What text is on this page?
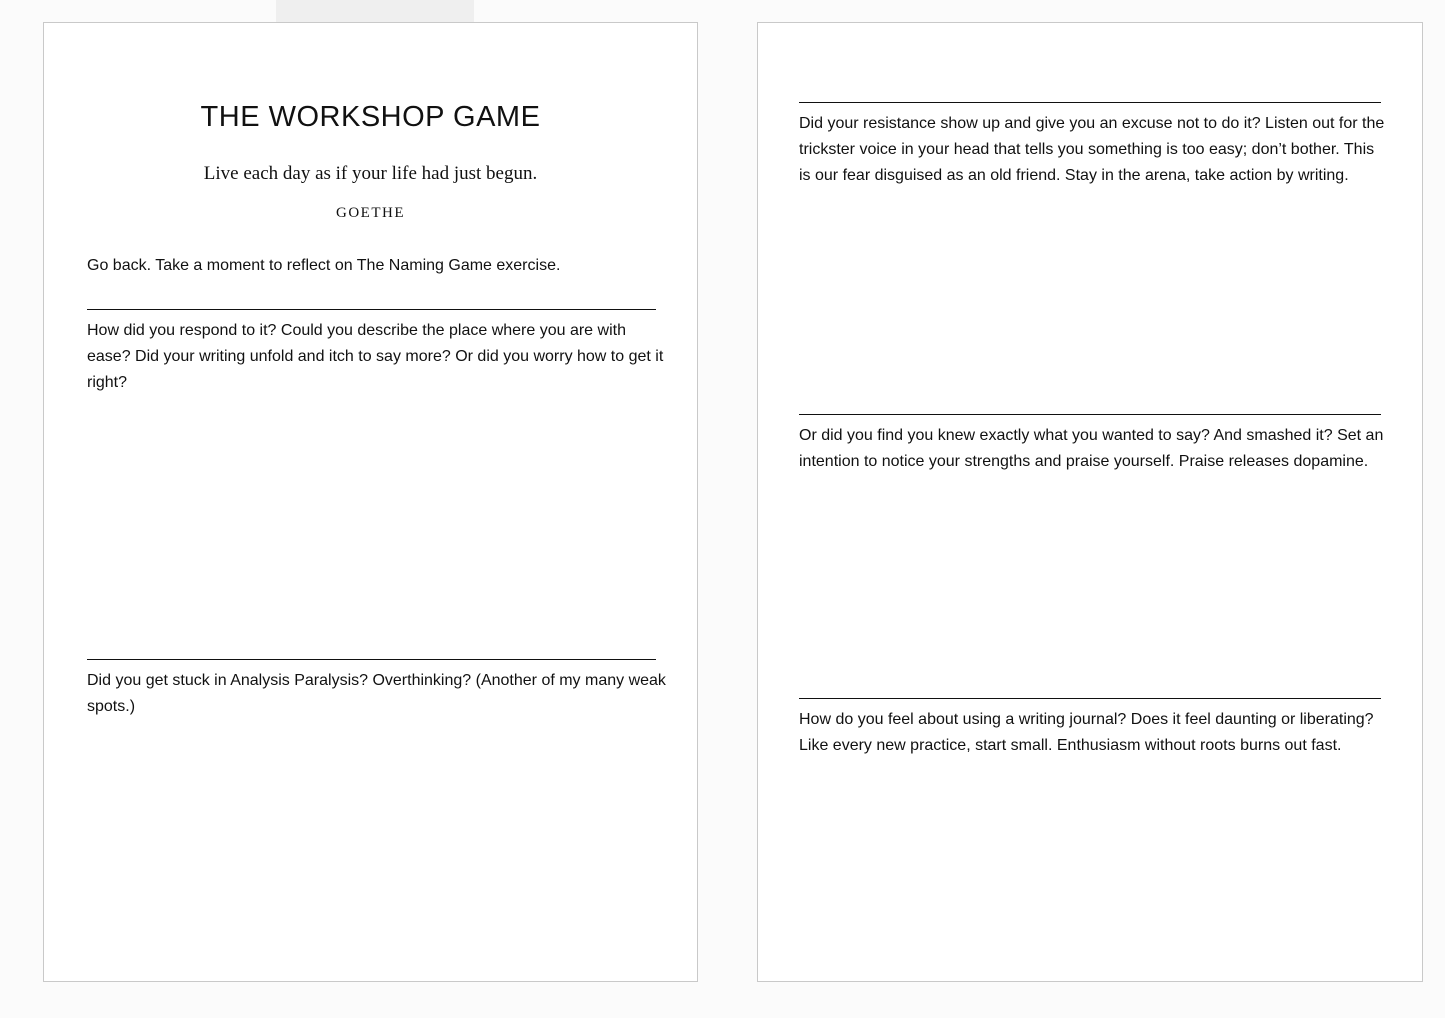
THE WORKSHOP GAME

Live each day as if your life had just begun.

GOETHE

Go back. Take a moment to reflect on The Naming Game exercise.

How did you respond to it? Could you describe the place where you are with ease? Did your writing unfold and itch to say more? Or did you worry how to get it right?

Did you get stuck in Analysis Paralysis? Overthinking? (Another of my many weak spots.)

Did your resistance show up and give you an excuse not to do it? Listen out for the trickster voice in your head that tells you something is too easy; don’t bother. This is our fear disguised as an old friend. Stay in the arena, take action by writing.

Or did you find you knew exactly what you wanted to say? And smashed it? Set an intention to notice your strengths and praise yourself. Praise releases dopamine.

How do you feel about using a writing journal? Does it feel daunting or liberating? Like every new practice, start small. Enthusiasm without roots burns out fast.
